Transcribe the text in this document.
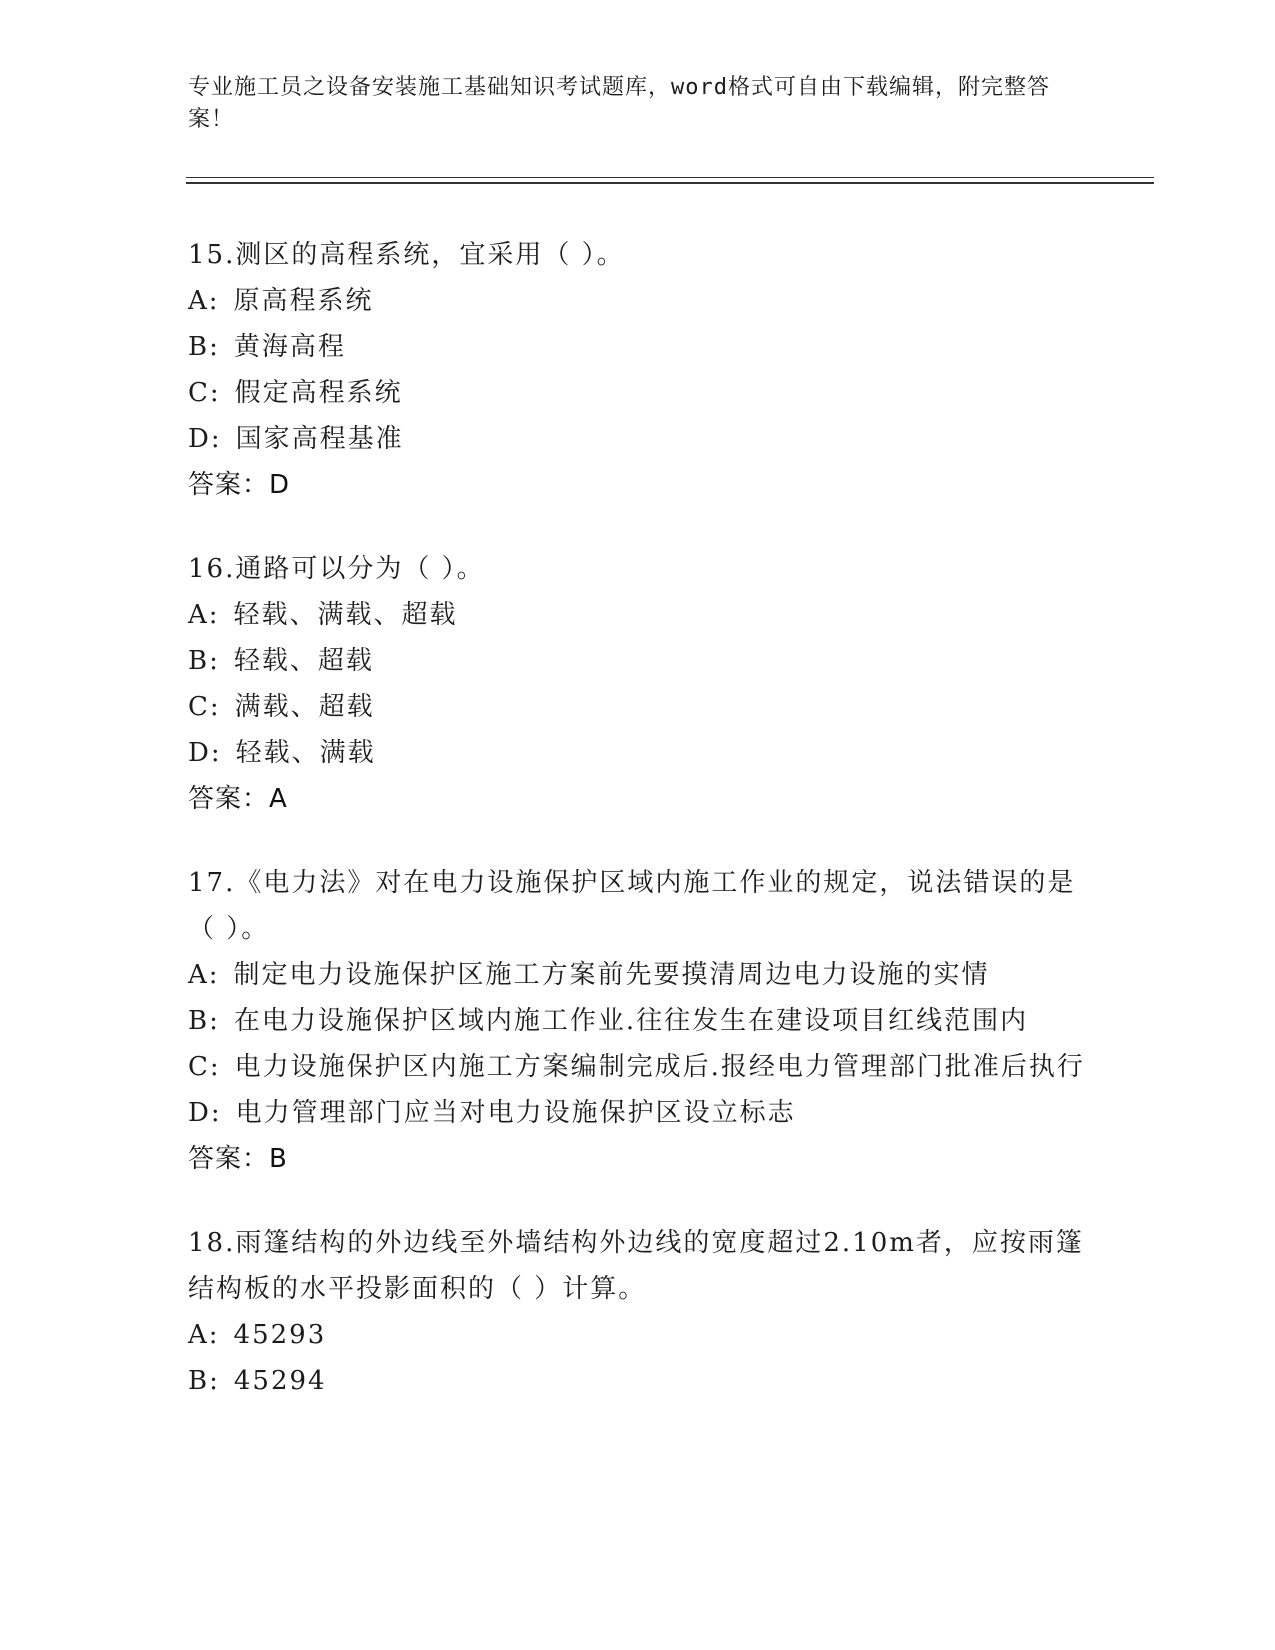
专业施工员之设备安装施工基础知识考试题库，word格式可自由下载编辑，附完整答案！
15.测区的高程系统，宜采用（ ）。
A: 原高程系统
B: 黄海高程
C: 假定高程系统
D: 国家高程基准
答案：D
16.通路可以分为（ ）。
A: 轻载、满载、超载
B: 轻载、超载
C: 满载、超载
D: 轻载、满载
答案：A
17.《电力法》对在电力设施保护区域内施工作业的规定，说法错误的是（ ）。
A: 制定电力设施保护区施工方案前先要摸清周边电力设施的实情
B: 在电力设施保护区域内施工作业.往往发生在建设项目红线范围内
C: 电力设施保护区内施工方案编制完成后.报经电力管理部门批准后执行
D: 电力管理部门应当对电力设施保护区设立标志
答案：B
18.雨篷结构的外边线至外墙结构外边线的宽度超过2.10m者，应按雨篷结构板的水平投影面积的（ ）计算。
A: 45293
B: 45294
